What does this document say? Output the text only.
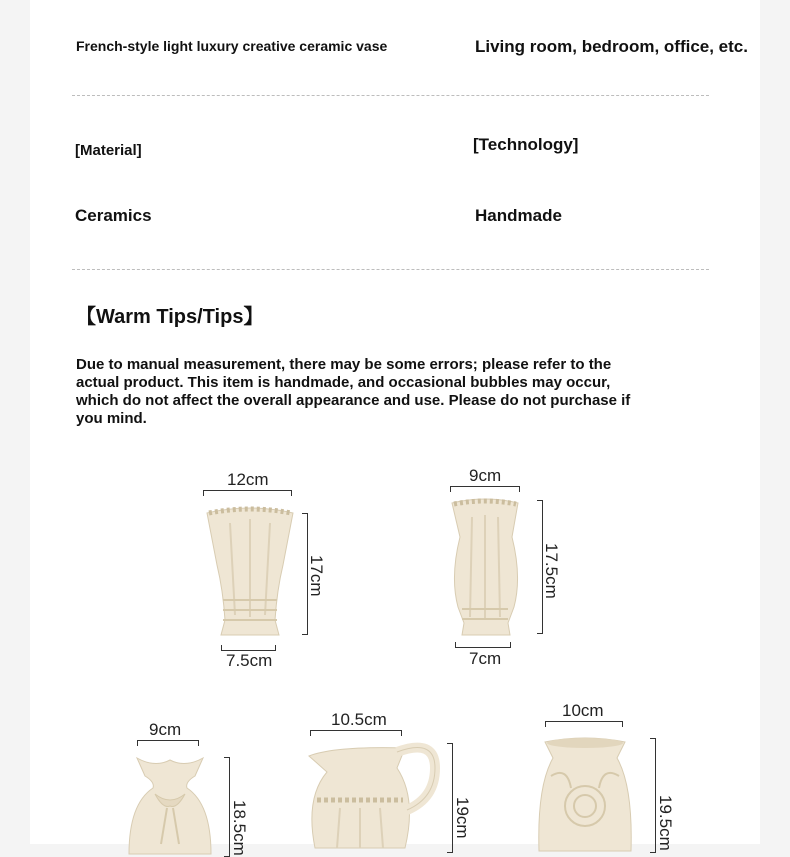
French-style light luxury creative ceramic vase	Living room, bedroom, office, etc.
[Material]	[Technology]
Ceramics	Handmade
【Warm Tips/Tips】
Due to manual measurement, there may be some errors; please refer to the actual product. This item is handmade, and occasional bubbles may occur, which do not affect the overall appearance and use. Please do not purchase if you mind.
12cm
17cm
7.5cm
9cm
17.5cm
7cm
9cm
18.5cm
10.5cm
19cm
10cm
19.5cm
